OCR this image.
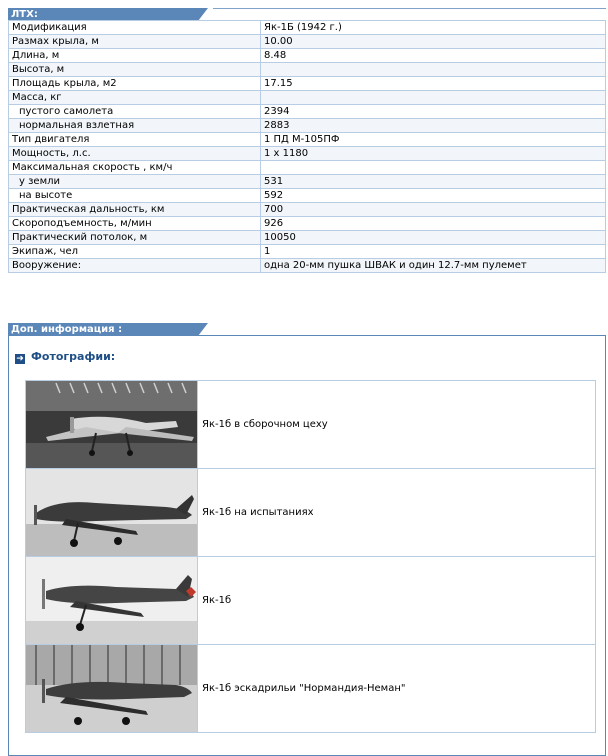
ЛТХ:
Модификация	Як-1Б (1942 г.)
Размах крыла, м	10.00
Длина, м	8.48
Высота, м	
Площадь крыла, м2	17.15
Масса, кг	
пустого самолета	2394
нормальная взлетная	2883
Тип двигателя	1 ПД М-105ПФ
Мощность, л.с.	1 x 1180
Максимальная скорость , км/ч	
у земли	531
на высоте	592
Практическая дальность, км	700
Скороподъемность, м/мин	926
Практический потолок, м	10050
Экипаж, чел	1
Вооружение:	одна 20-мм пушка ШВАК и один 12.7-мм пулемет
Доп. информация :
➜ Фотографии:
	Як-1б в сборочном цеху

	Як-1б на испытаниях

	Як-1б

	Як-1б эскадрильи "Нормандия-Неман"
